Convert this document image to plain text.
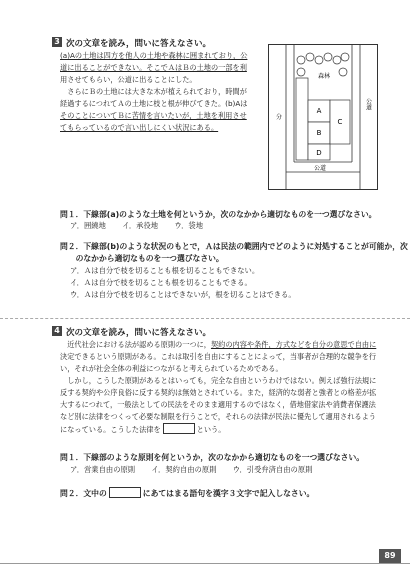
3 次の文章を読み，問いに答えなさい。
(a)Aの土地は四方を他人の土地や森林に囲まれており，公
道に出ることができない。そこでＡはＢの土地の一部を利
用させてもらい，公道に出ることにした。
　さらにＢの土地には大きな木が植えられており，時間が
経過するにつれてＡの土地に枝と根が伸びてきた。(b)Aは
そのことについてＢに苦情を言いたいが，土地を利用させ
てもらっているので言い出しにくい状況にある。
森林
A
B
C
D
分
公道
公道
問１．下線部(a)のような土地を何というか，次のなかから適切なものを一つ選びなさい。
ア．囲繞地 イ．承役地 ウ．袋地
問２．下線部(b)のような状況のもとで，Ａは民法の範囲内でどのように対処することが可能か，次
　　のなかから適切なものを一つ選びなさい。
ア．Ａは自分で枝を切ることも根を切ることもできない。
イ．Ａは自分で枝を切ることも根を切ることもできる。
ウ．Ａは自分で枝を切ることはできないが，根を切ることはできる。
4 次の文章を読み，問いに答えなさい。
　近代社会における法が認める原則の一つに，契約の内容や条件，方式などを自分の意思で自由に
決定できるという原則がある。これは取引を自由にすることによって，当事者が合理的な競争を行
い，それが社会全体の利益につながると考えられているためである。
　しかし，こうした原則があるとはいっても，完全な自由というわけではない。例えば強行法規に
反する契約や公序良俗に反する契約は無効とされている。また，経済的な弱者と強者との格差が拡
大するにつれて，一般法としての民法をそのまま適用するのではなく，借地借家法や消費者保護法
など別に法律をつくって必要な制限を行うことで，それらの法律が民法に優先して適用されるよう
になっている。こうした法律を	という。
問１．下線部のような原則を何というか，次のなかから適切なものを一つ選びなさい。
ア．営業自由の原則 イ．契約自由の原則 ウ．引受弁済自由の原則
問２．文中の	にあてはまる語句を漢字３文字で記入しなさい。
89
